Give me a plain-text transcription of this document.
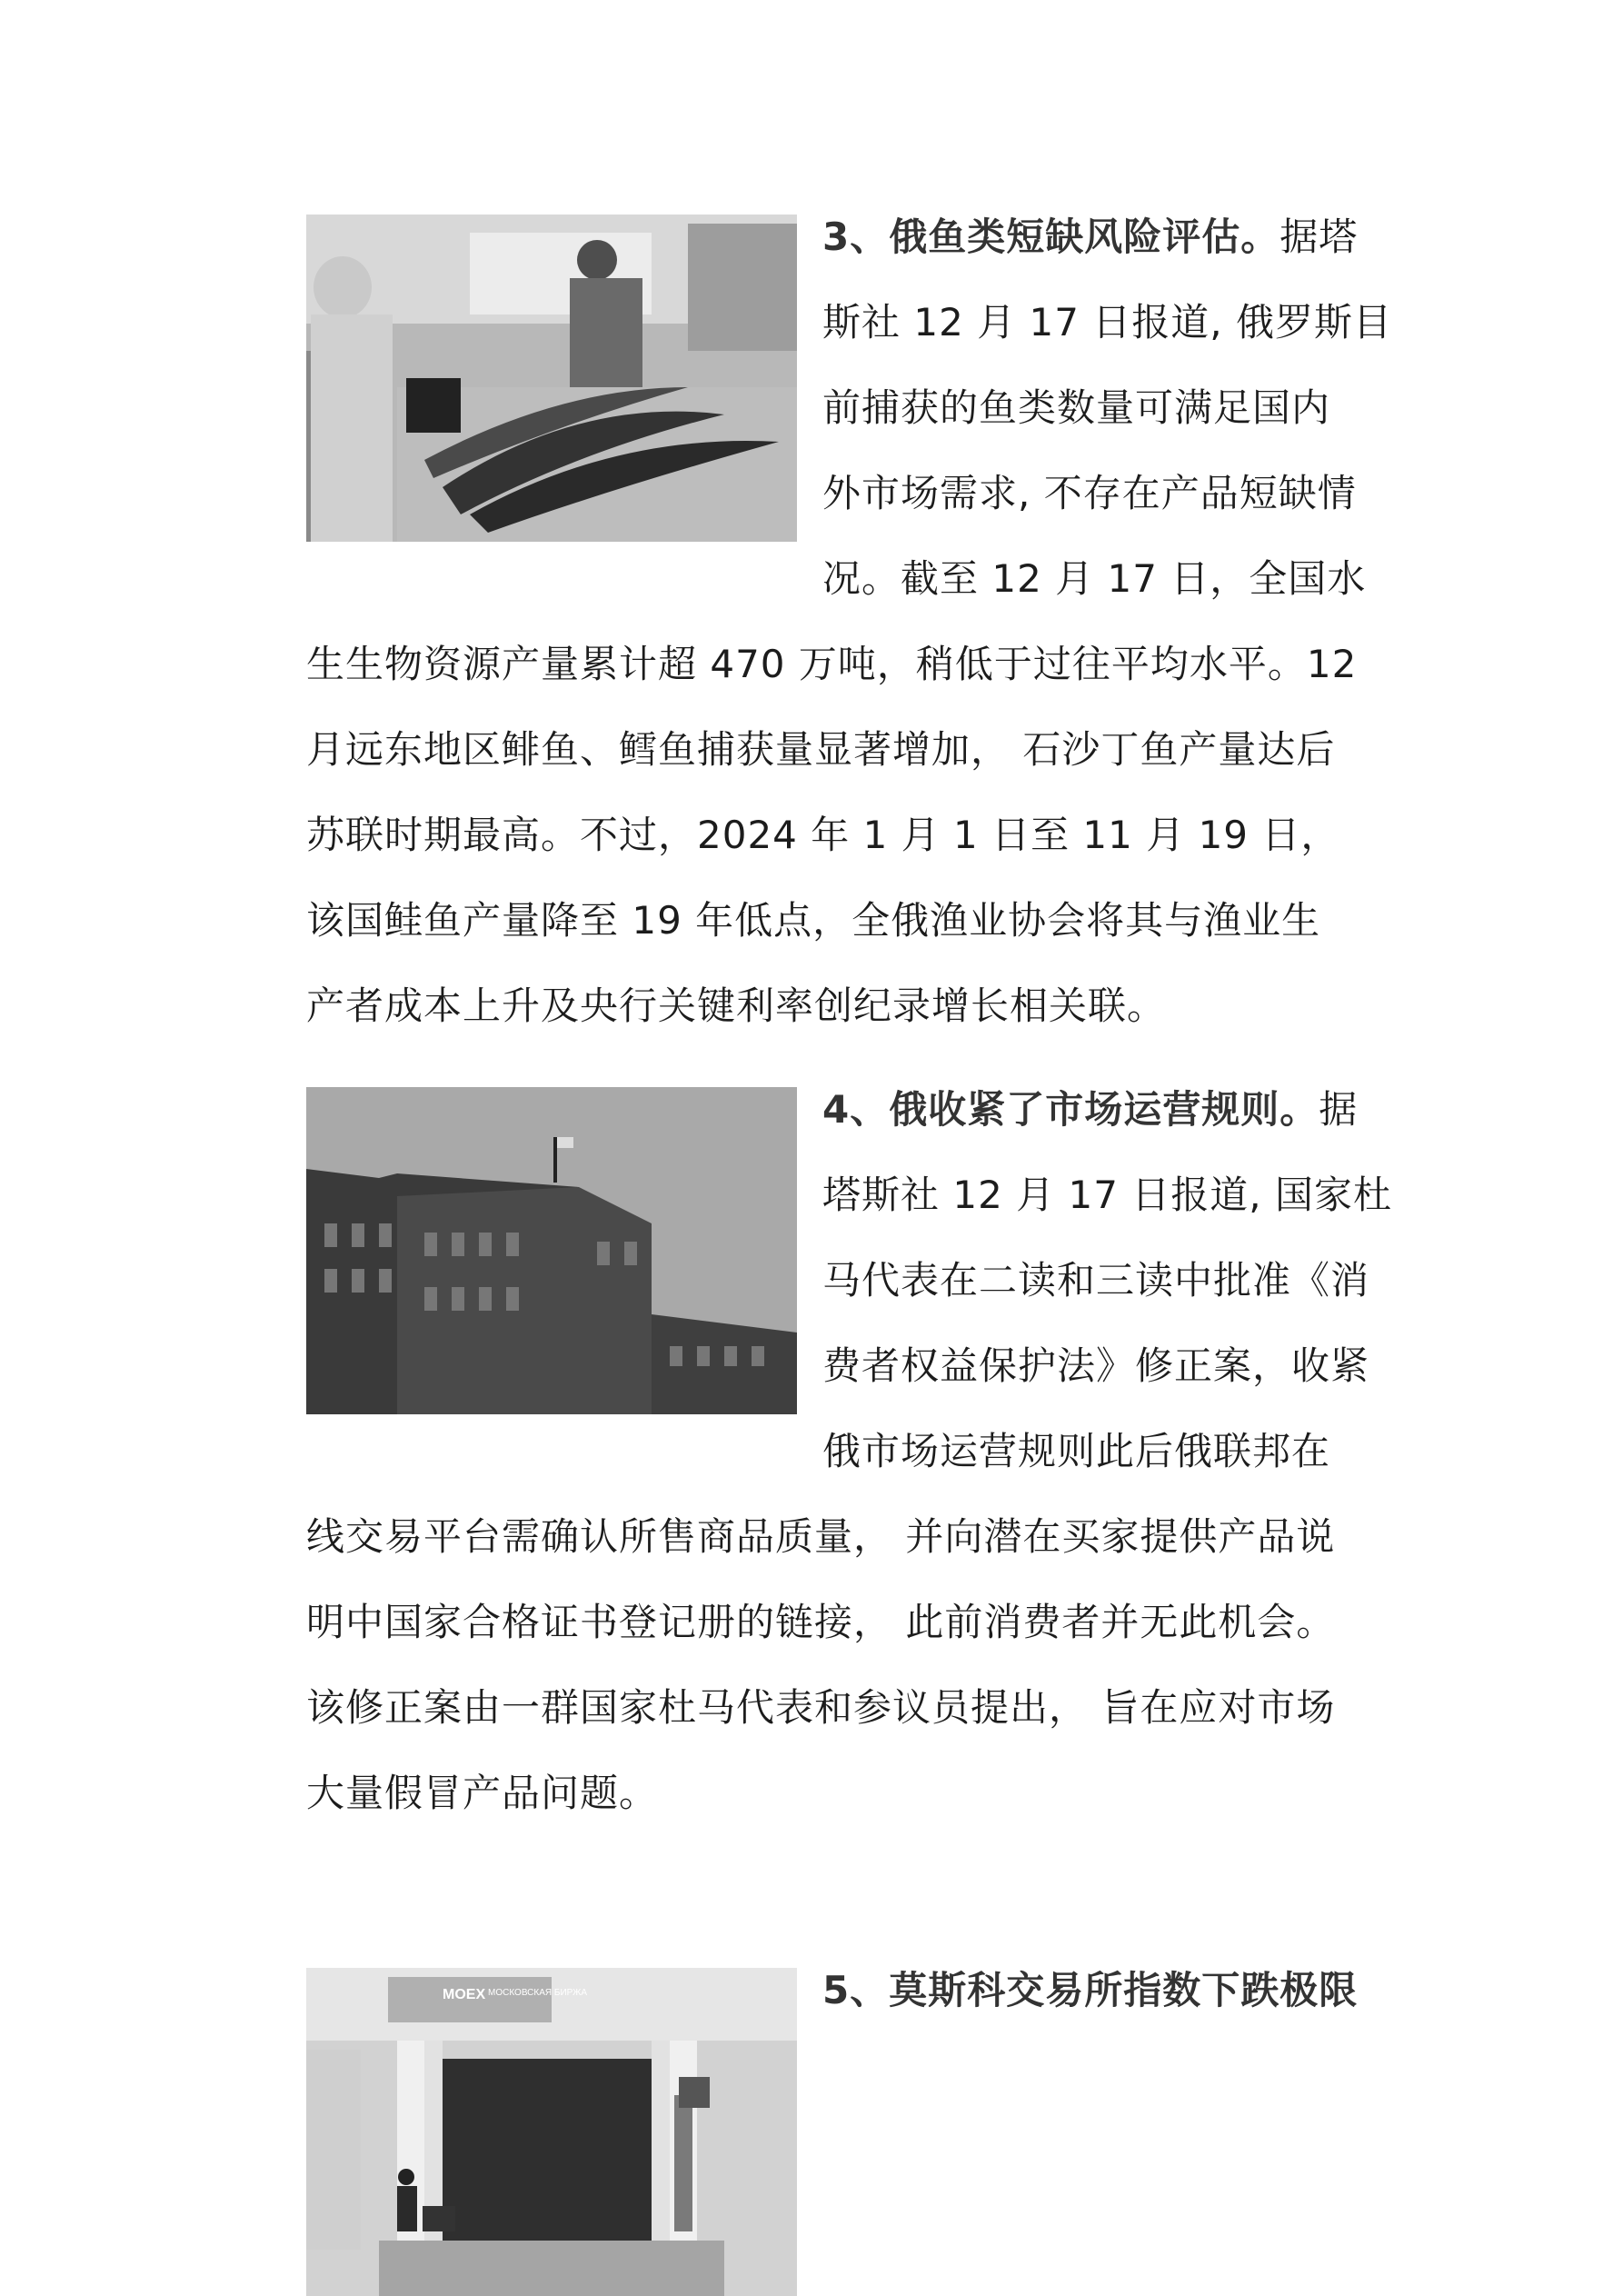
3、俄鱼类短缺风险评估。据塔
斯社 12 月 17 日报道, 俄罗斯目
前捕获的鱼类数量可满足国内
外市场需求, 不存在产品短缺情
况。截至 12 月 17 日，全国水
生生物资源产量累计超 470 万吨，稍低于过往平均水平。12
月远东地区鲱鱼、鳕鱼捕获量显著增加， 石沙丁鱼产量达后
苏联时期最高。不过，2024 年 1 月 1 日至 11 月 19 日，
该国鲑鱼产量降至 19 年低点，全俄渔业协会将其与渔业生
产者成本上升及央行关键利率创纪录增长相关联。
4、俄收紧了市场运营规则。据
塔斯社 12 月 17 日报道, 国家杜
马代表在二读和三读中批准《消
费者权益保护法》修正案，收紧
俄市场运营规则此后俄联邦在
线交易平台需确认所售商品质量， 并向潜在买家提供产品说
明中国家合格证书登记册的链接， 此前消费者并无此机会。
该修正案由一群国家杜马代表和参议员提出， 旨在应对市场
大量假冒产品问题。
MOEX МОСКОВСКАЯ БИРЖА	5、莫斯科交易所指数下跌极限
